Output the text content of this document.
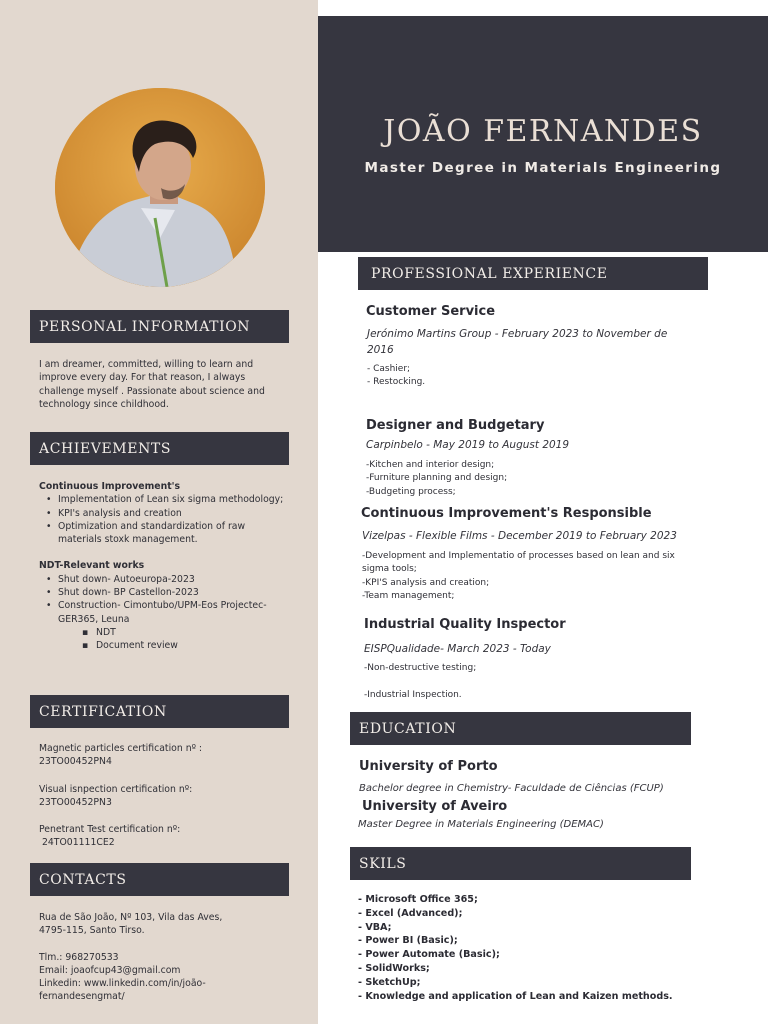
PERSONAL INFORMATION
I am dreamer, committed, willing to learn and improve every day. For that reason, I always challenge myself . Passionate about science and technology since childhood.
ACHIEVEMENTS
Continuous Improvement's
• Implementation of Lean six sigma methodology;
• KPI's analysis and creation
• Optimization and standardization of raw materials stoxk management.
NDT-Relevant works
• Shut down- Autoeuropa-2023
• Shut down- BP Castellon-2023
• Construction- Cimontubo/UPM-Eos Projectec-GER365, Leuna
▪ NDT
▪ Document review
CERTIFICATION
Magnetic particles certification nº :
23TO00452PN4
Visual isnpection certification nº:
23TO00452PN3
Penetrant Test certification nº:
24TO01111CE2
CONTACTS
Rua de São João, Nº 103, Vila das Aves,
4795-115, Santo Tirso.
Tlm.: 968270533
Email: joaofcup43@gmail.com
Linkedin: www.linkedin.com/in/joão-
fernandesengmat/
JOÃO FERNANDES
Master Degree in Materials Engineering
PROFESSIONAL EXPERIENCE
Customer Service
Jerónimo Martins Group - February 2023 to November de 2016
- Cashier;
- Restocking.
Designer and Budgetary
Carpinbelo - May 2019 to August 2019
-Kitchen and interior design;
-Furniture planning and design;
-Budgeting process;
Continuous Improvement's Responsible
Vizelpas - Flexible Films - December 2019 to February 2023
-Development and Implementatio of processes based on lean and six sigma tools;
-KPI'S analysis and creation;
-Team management;
Industrial Quality Inspector
EISPQualidade- March 2023 - Today
-Non-destructive testing;

-Industrial Inspection.
EDUCATION
University of Porto
Bachelor degree in Chemistry- Faculdade de Ciências (FCUP)
University of Aveiro
Master Degree in Materials Engineering (DEMAC)
SKILS
- Microsoft Office 365;
- Excel (Advanced);
- VBA;
- Power BI (Basic);
- Power Automate (Basic);
- SolidWorks;
- SketchUp;
- Knowledge and application of Lean and Kaizen methods.
